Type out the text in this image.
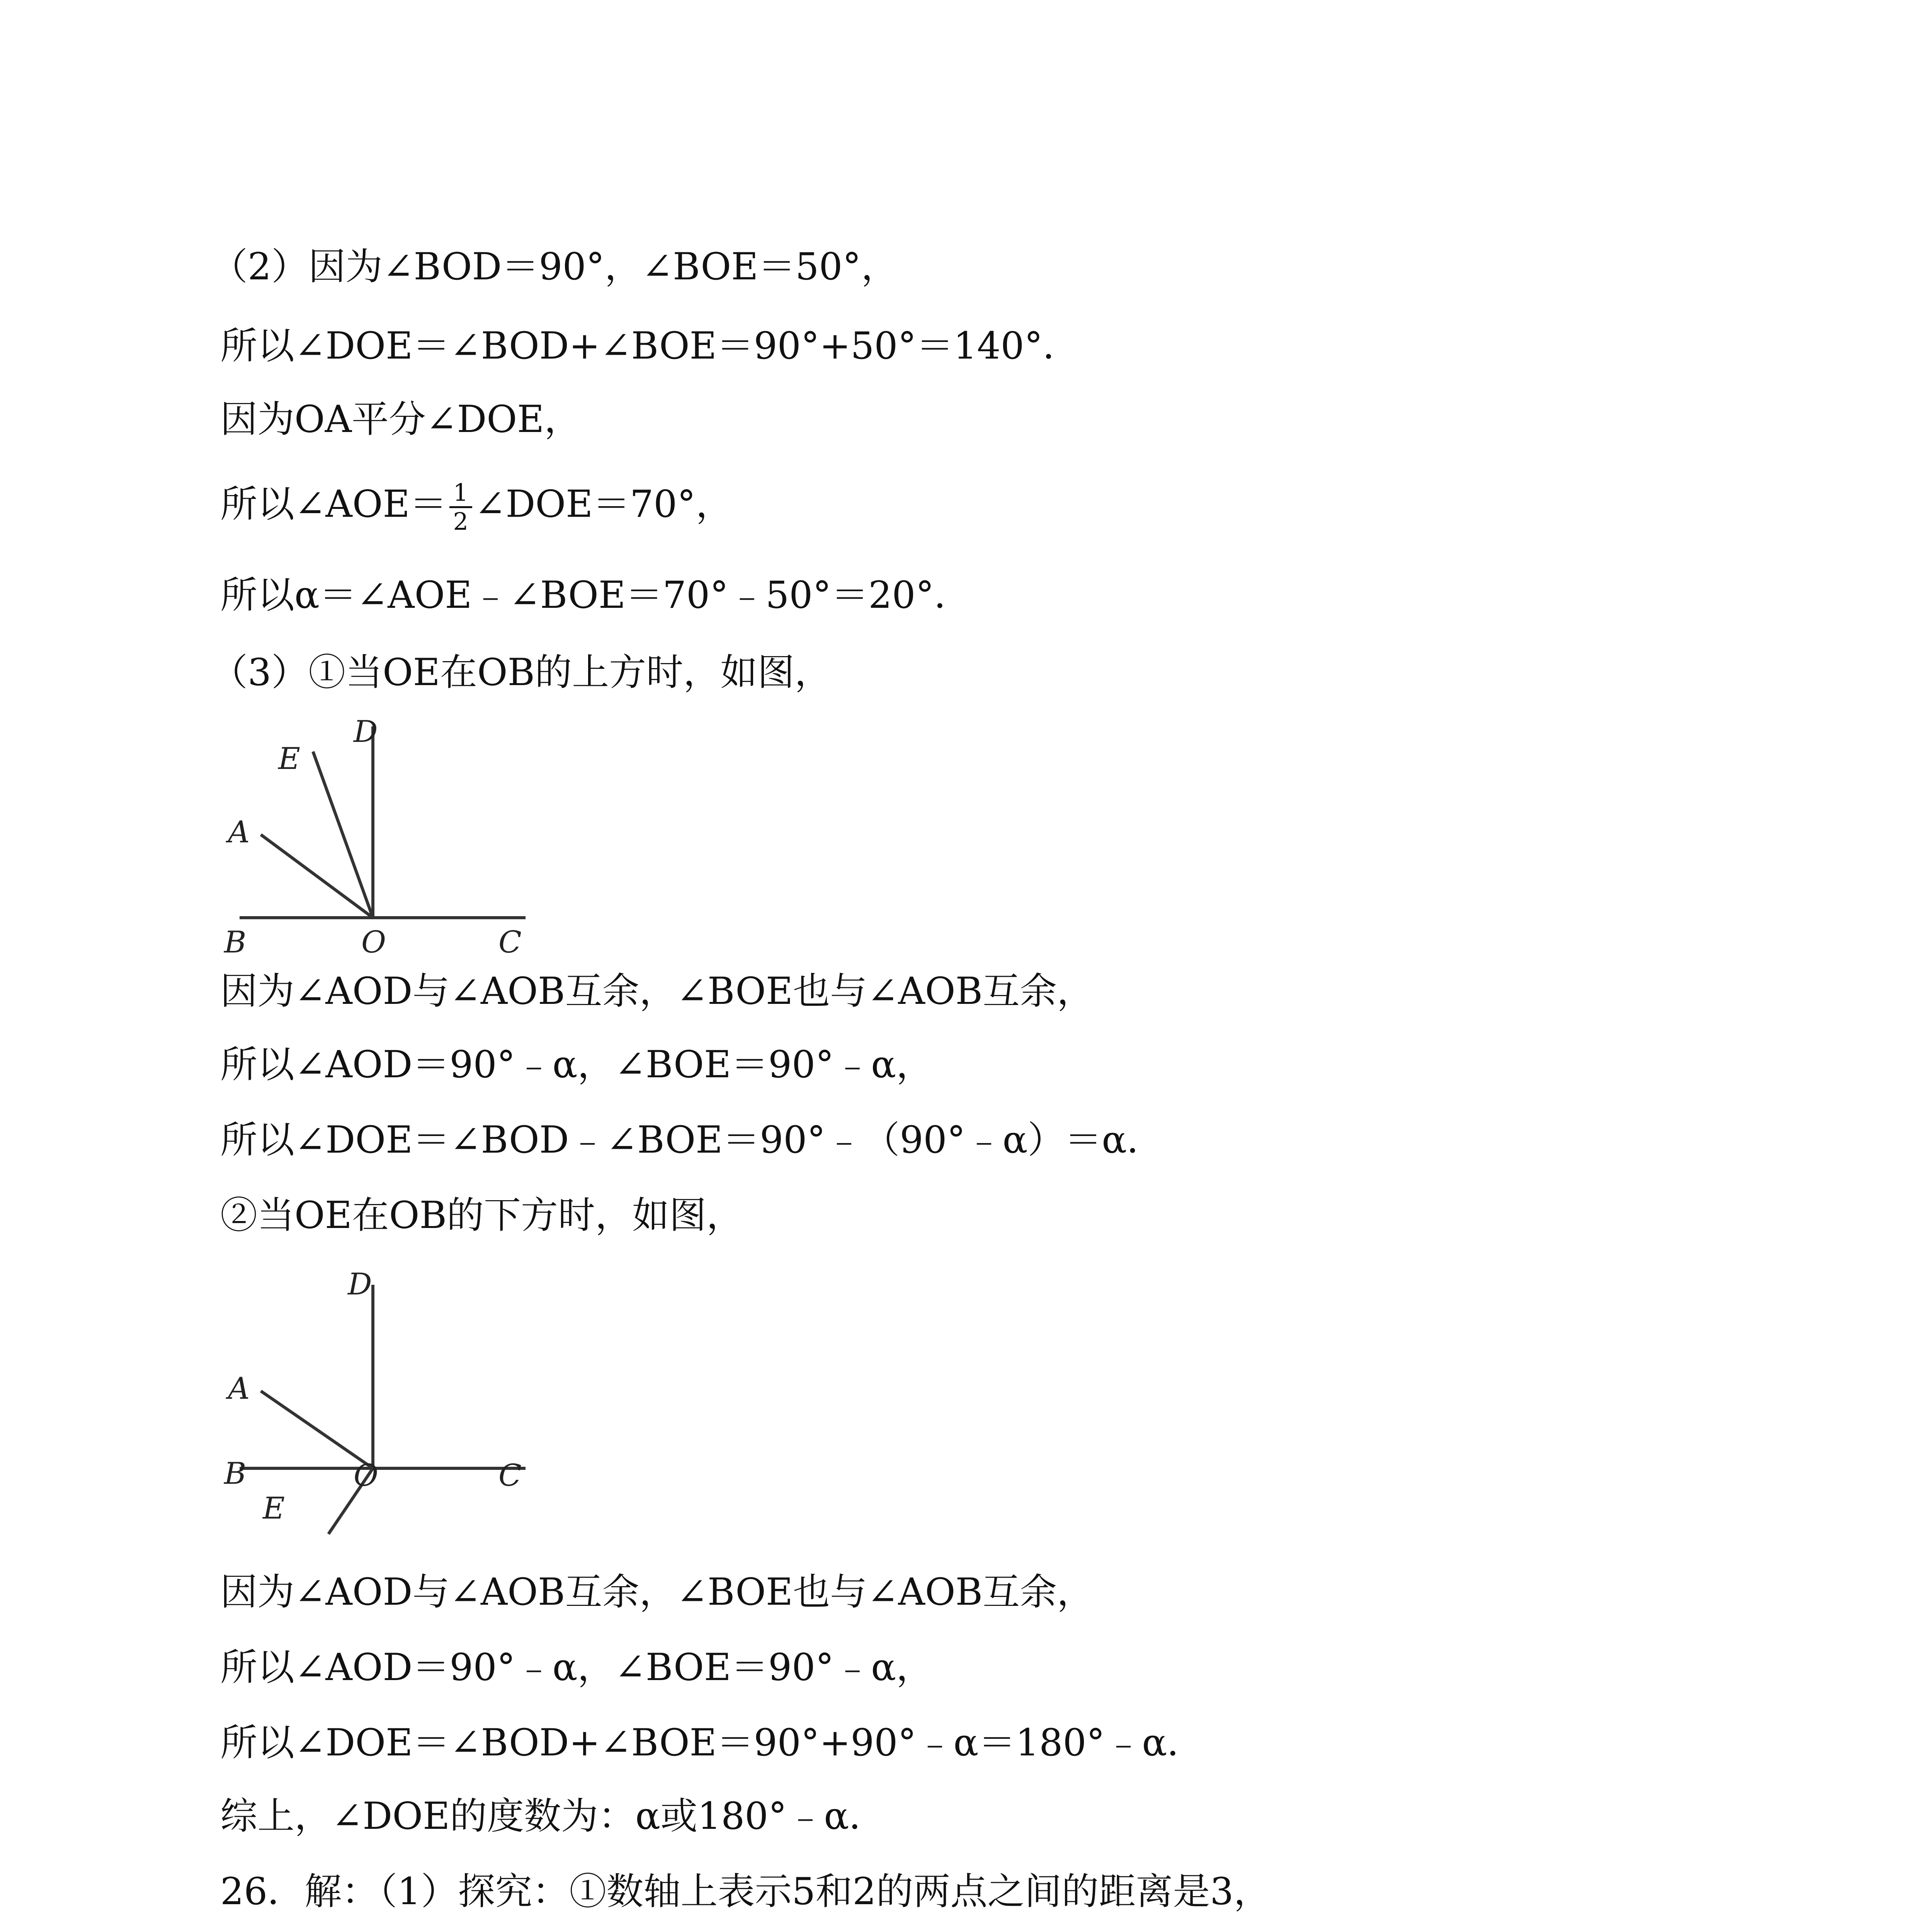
（2）因为∠BOD＝90°，∠BOE＝50°，
所以∠DOE＝∠BOD+∠BOE＝90°+50°＝140°．
因为OA平分∠DOE，
所以∠AOE＝ $\frac{1}{2}$ ∠DOE＝70°，
所以α＝∠AOE﹣∠BOE＝70°﹣50°＝20°．
（3）①当OE在OB的上方时，如图，
D
E
A
B	O	C
因为∠AOD与∠AOB互余，∠BOE也与∠AOB互余，
所以∠AOD＝90°﹣α，∠BOE＝90°﹣α，
所以∠DOE＝∠BOD﹣∠BOE＝90°﹣（90°﹣α）＝α．
②当OE在OB的下方时，如图，
D
A
B	O	C
E
因为∠AOD与∠AOB互余，∠BOE也与∠AOB互余，
所以∠AOD＝90°﹣α，∠BOE＝90°﹣α，
所以∠DOE＝∠BOD+∠BOE＝90°+90°﹣α＝180°﹣α．
综上，∠DOE的度数为：α或180°﹣α．
26．解：（1）探究：①数轴上表示5和2的两点之间的距离是3，
